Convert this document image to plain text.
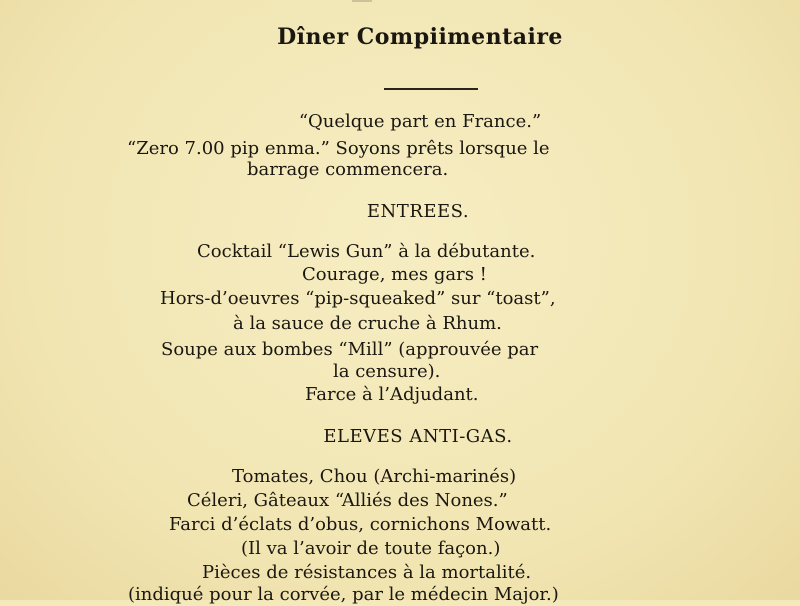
Dîner Compiimentaire
“Quelque part en France.”
“Zero 7.00 pip enma.” Soyons prêts lorsque le
barrage commencera.
ENTREES.
Cocktail “Lewis Gun” à la débutante.
Courage, mes gars !
Hors-d’oeuvres “pip-squeaked” sur “toast”,
à la sauce de cruche à Rhum.
Soupe aux bombes “Mill” (approuvée par
la censure).
Farce à l’Adjudant.
ELEVES ANTI-GAS.
Tomates, Chou (Archi-marinés)
Céleri, Gâteaux “Alliés des Nones.”
Farci d’éclats d’obus, cornichons Mowatt.
(Il va l’avoir de toute façon.)
Pièces de résistances à la mortalité.
(indiqué pour la corvée, par le médecin Major.)
